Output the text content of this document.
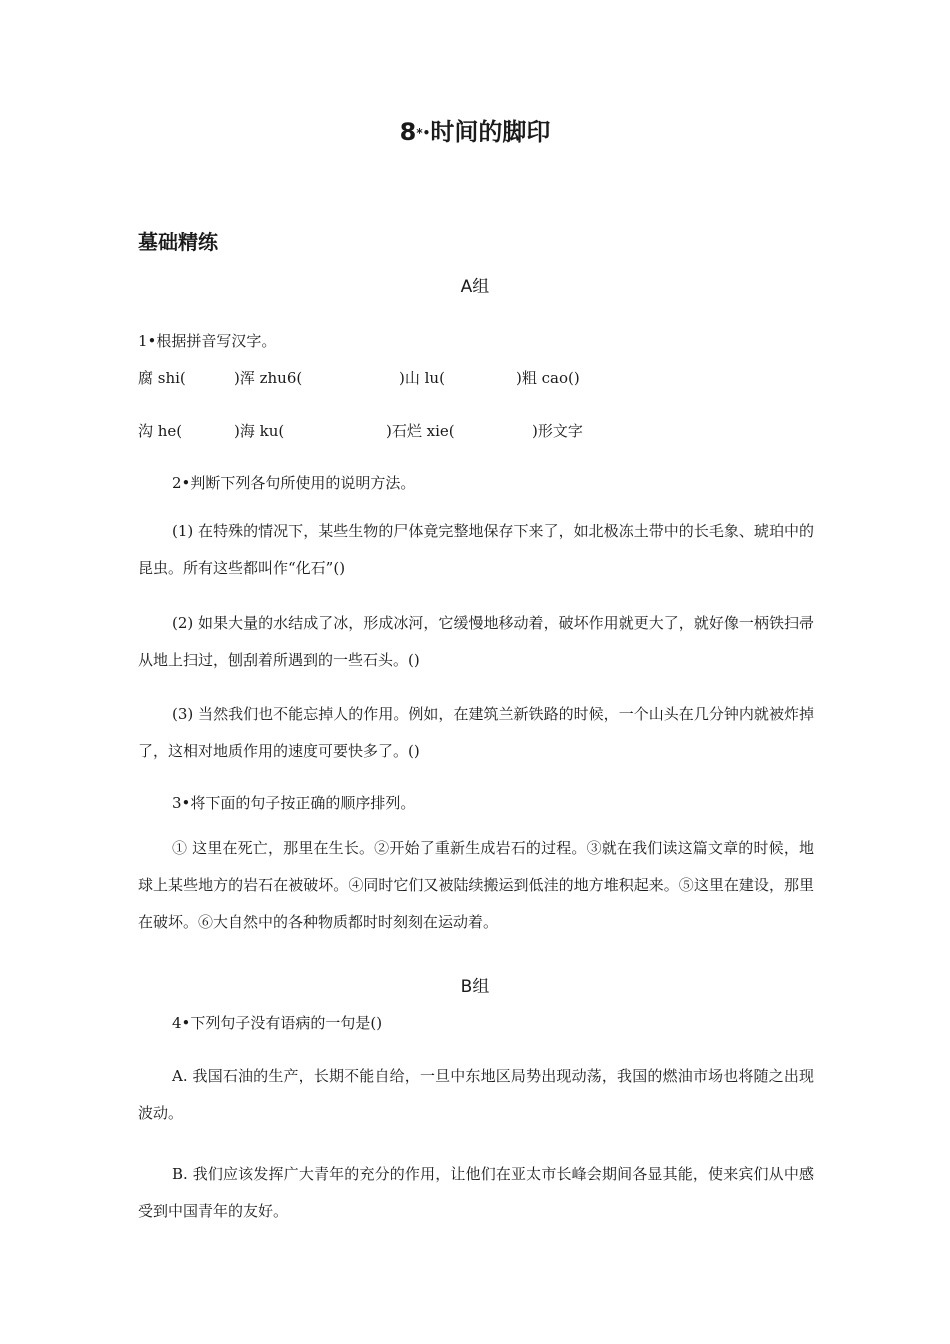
8*•时间的脚印
墓础精练
A组
1•根据拼音写汉字。
腐 shi(	)浑 zhu6(	)山 lu(	)粗 cao()
沟 he(	)海 ku(	)石烂 xie(	)形文字
2•判断下列各句所使用的说明方法。
(1) 在特殊的情况下，某些生物的尸体竟完整地保存下来了，如北极冻土带中的长毛象、琥珀中的昆虫。所有这些都叫作“化石”()
(2) 如果大量的水结成了冰，形成冰河，它缓慢地移动着，破坏作用就更大了，就好像一柄铁扫帚从地上扫过，刨刮着所遇到的一些石头。()
(3) 当然我们也不能忘掉人的作用。例如，在建筑兰新铁路的时候，一个山头在几分钟内就被炸掉了，这相对地质作用的速度可要快多了。()
3•将下面的句子按正确的顺序排列。
① 这里在死亡，那里在生长。②开始了重新生成岩石的过程。③就在我们读这篇文章的时候，地球上某些地方的岩石在被破坏。④同时它们又被陆续搬运到低洼的地方堆积起来。⑤这里在建设，那里在破坏。⑥大自然中的各种物质都时时刻刻在运动着。
B组
4•下列句子没有语病的一句是()
A. 我国石油的生产，长期不能自给，一旦中东地区局势出现动荡，我国的燃油市场也将随之出现波动。
B. 我们应该发挥广大青年的充分的作用，让他们在亚太市长峰会期间各显其能，使来宾们从中感受到中国青年的友好。
